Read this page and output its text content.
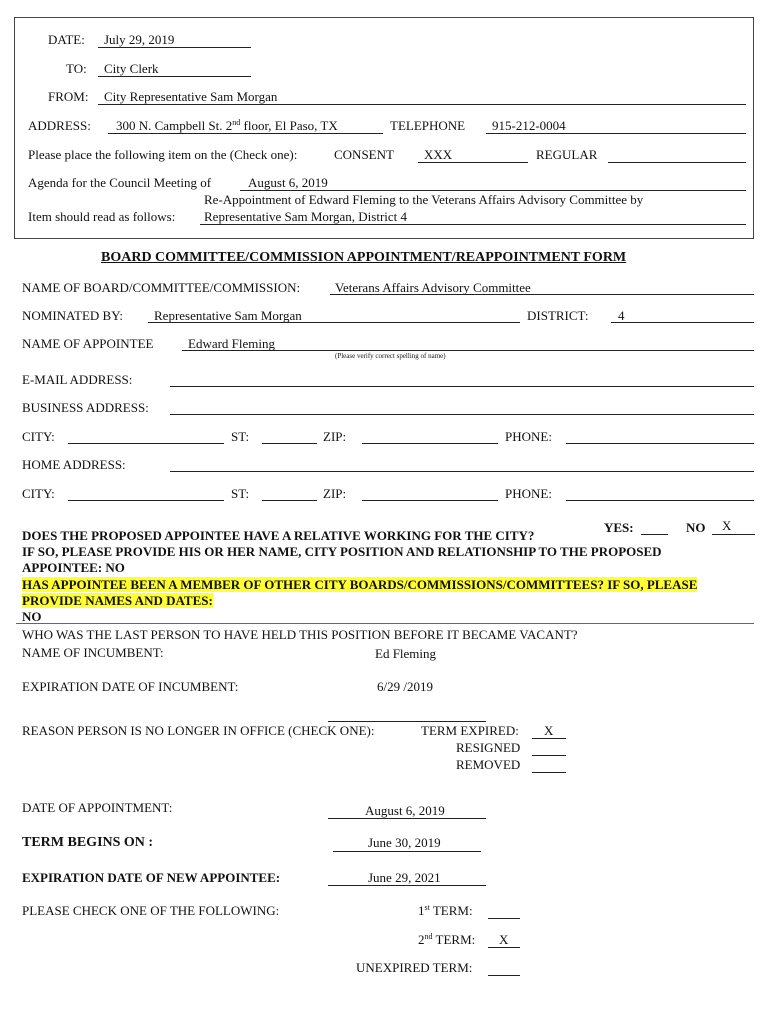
DATE: July 29, 2019
TO: City Clerk
FROM: City Representative Sam Morgan
ADDRESS: 300 N. Campbell St. 2nd floor, El Paso, TX	TELEPHONE 915-212-0004
Please place the following item on the (Check one):	CONSENT XXX	REGULAR
Agenda for the Council Meeting of	August 6, 2019
Re-Appointment of Edward Fleming to the Veterans Affairs Advisory Committee by
Item should read as follows: Representative Sam Morgan, District 4
BOARD COMMITTEE/COMMISSION APPOINTMENT/REAPPOINTMENT FORM
NAME OF BOARD/COMMITTEE/COMMISSION:	Veterans Affairs Advisory Committee
NOMINATED BY: Representative Sam Morgan	DISTRICT: 4
NAME OF APPOINTEE	Edward Fleming
(Please verify correct spelling of name)
E-MAIL ADDRESS:
BUSINESS ADDRESS:
CITY:	ST:	ZIP:	PHONE:
HOME ADDRESS:
CITY:	ST:	ZIP:	PHONE:
DOES THE PROPOSED APPOINTEE HAVE A RELATIVE WORKING FOR THE CITY?
YES:	NO X
IF SO, PLEASE PROVIDE HIS OR HER NAME, CITY POSITION AND RELATIONSHIP TO THE PROPOSED
APPOINTEE: NO
HAS APPOINTEE BEEN A MEMBER OF OTHER CITY BOARDS/COMMISSIONS/COMMITTEES? IF SO, PLEASE
PROVIDE NAMES AND DATES:
NO
WHO WAS THE LAST PERSON TO HAVE HELD THIS POSITION BEFORE IT BECAME VACANT?
NAME OF INCUMBENT:	Ed Fleming
EXPIRATION DATE OF INCUMBENT:	6/29 /2019
REASON PERSON IS NO LONGER IN OFFICE (CHECK ONE):	TERM EXPIRED: X
RESIGNED
REMOVED
DATE OF APPOINTMENT:	August 6, 2019
TERM BEGINS ON :	June 30, 2019
EXPIRATION DATE OF NEW APPOINTEE:	June 29, 2021
PLEASE CHECK ONE OF THE FOLLOWING:	1st TERM:
2nd TERM: X
UNEXPIRED TERM:
